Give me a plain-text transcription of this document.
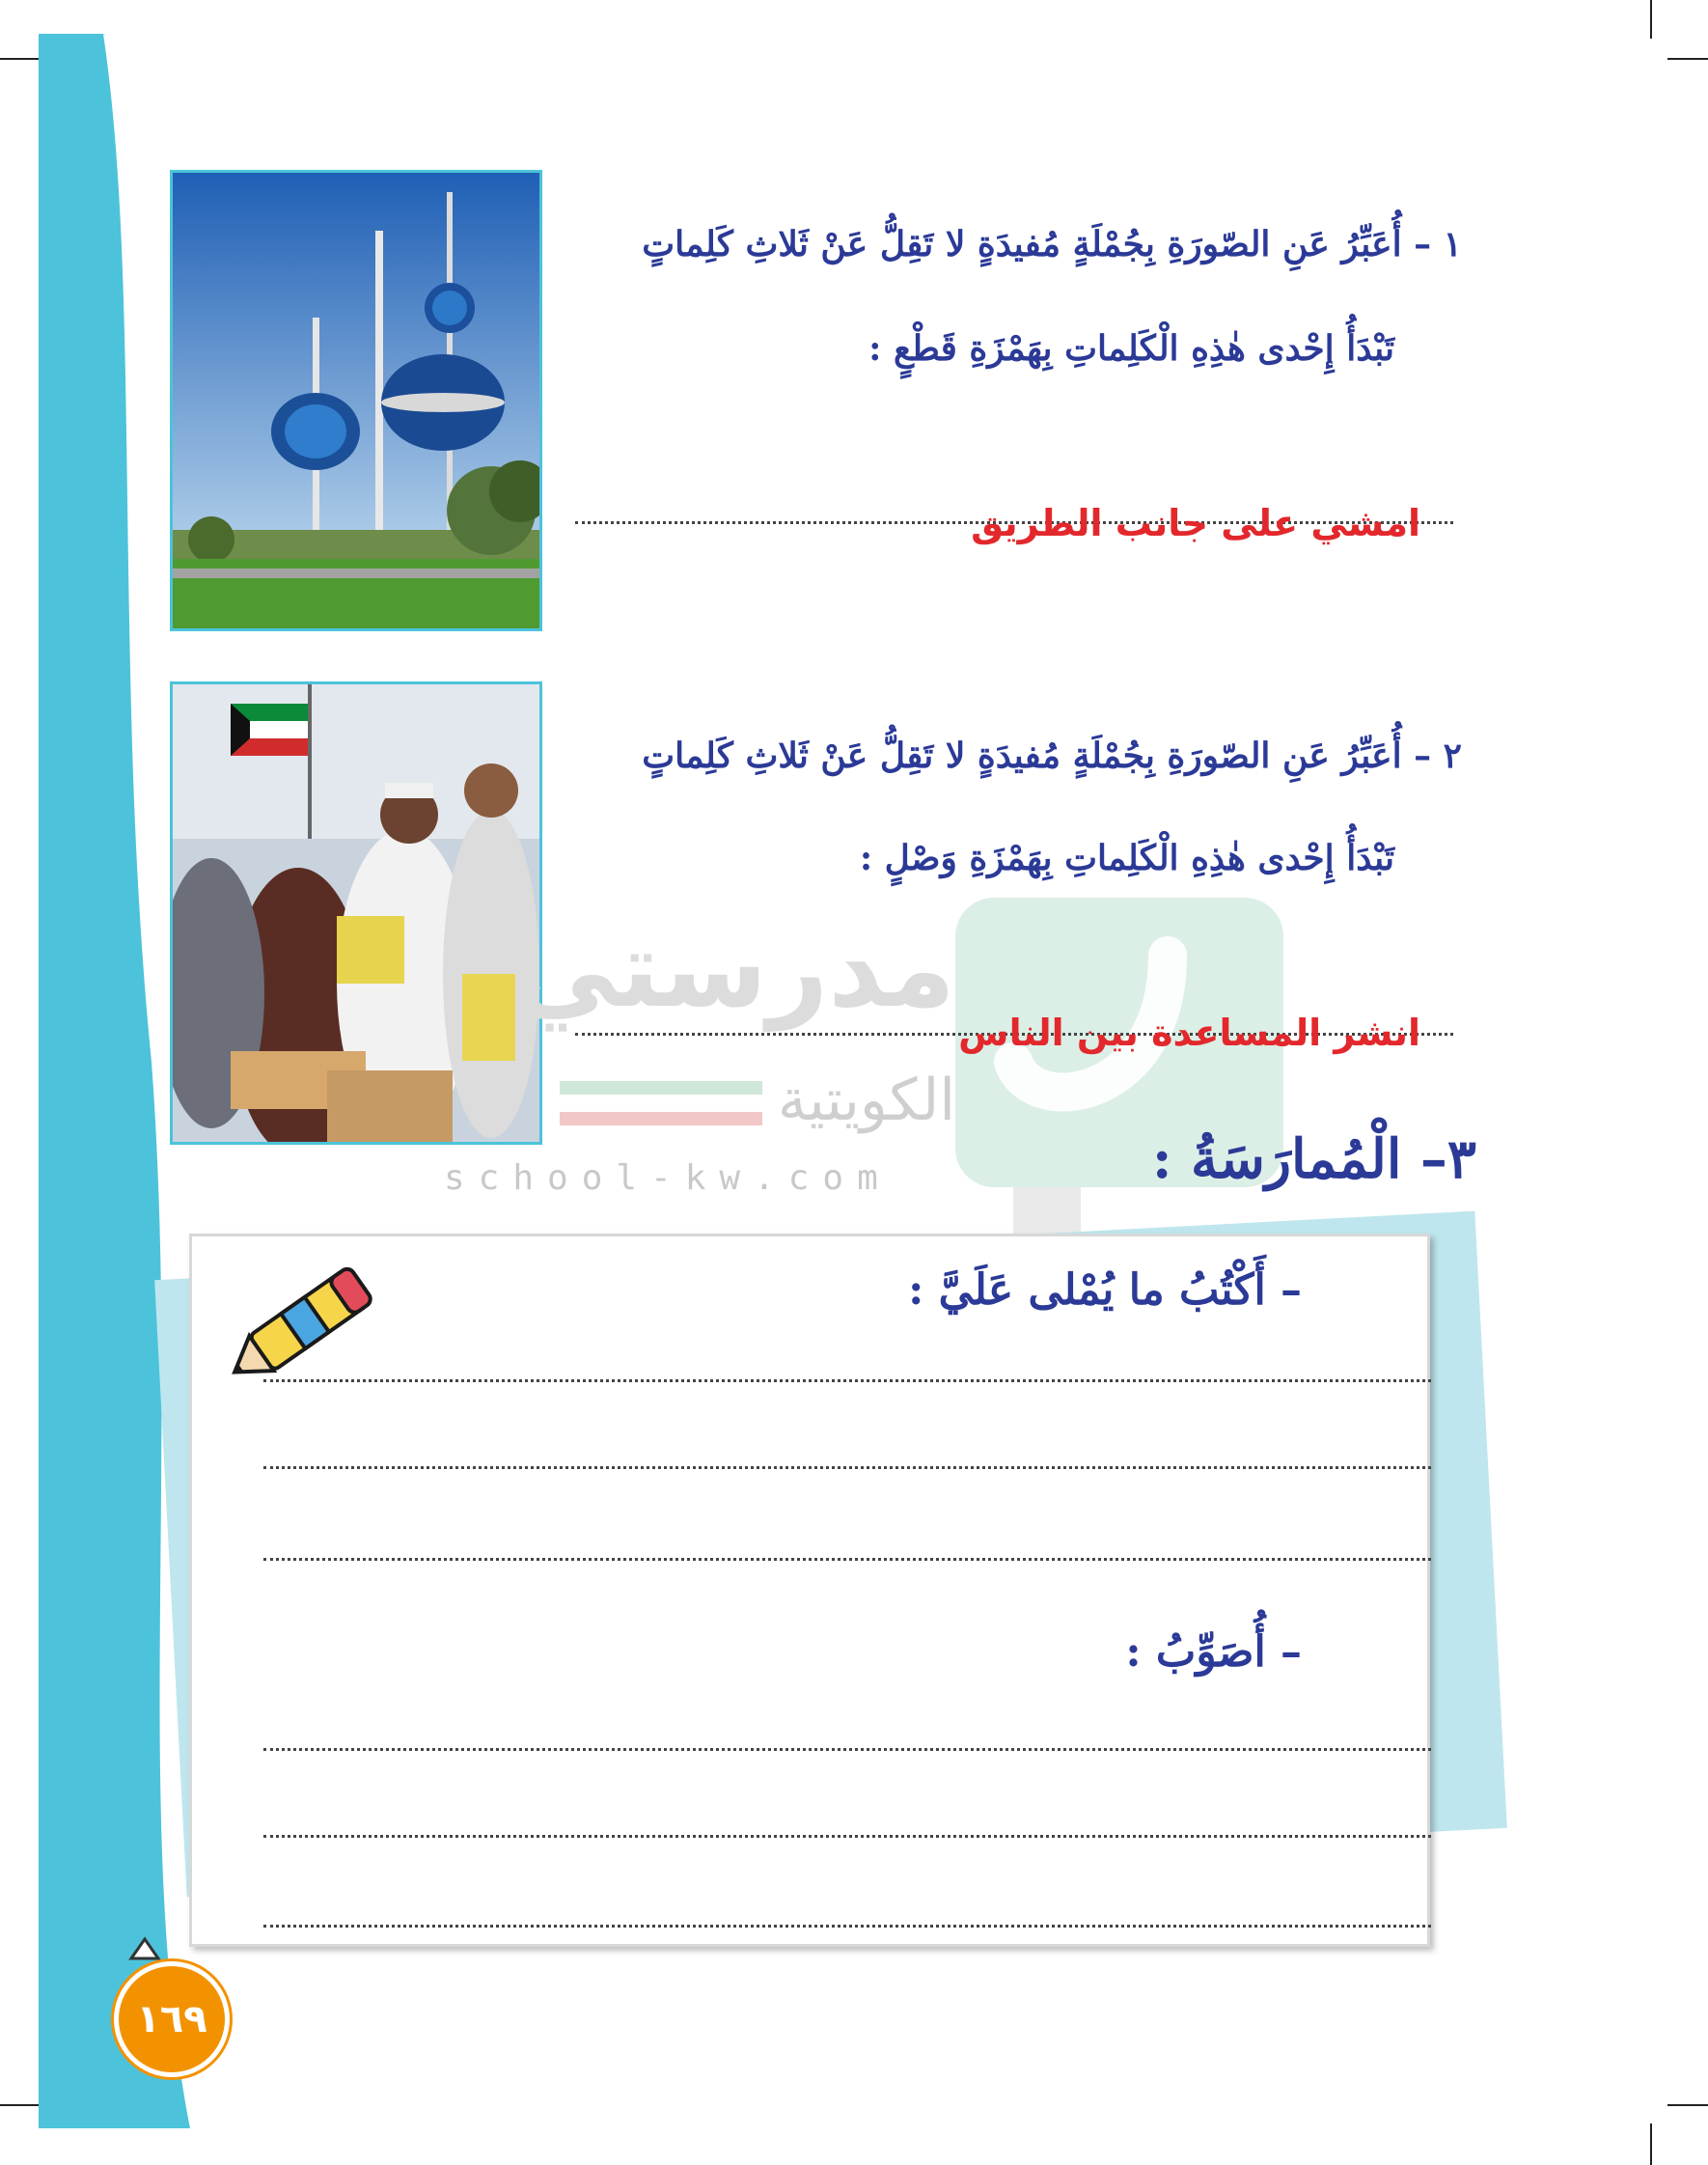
١ – أُعَبِّرُ عَنِ الصّورَةِ بِجُمْلَةٍ مُفيدَةٍ لا تَقِلُّ عَنْ ثَلاثِ كَلِماتٍ
تَبْدَأُ إِحْدى هٰذِهِ الْكَلِماتِ بِهَمْزَةِ قَطْعٍ :
امشي على جانب الطريق
مدرستي
الكويتية
school-kw.com
٢ – أُعَبِّرُ عَنِ الصّورَةِ بِجُمْلَةٍ مُفيدَةٍ لا تَقِلُّ عَنْ ثَلاثِ كَلِماتٍ
تَبْدَأُ إِحْدى هٰذِهِ الْكَلِماتِ بِهَمْزَةِ وَصْلٍ :
انشر المساعدة بين الناس
٣– الْمُمارَسَةُ :
– أَكْتُبُ ما يُمْلى عَلَيَّ :
– أُصَوِّبُ :
١٦٩
